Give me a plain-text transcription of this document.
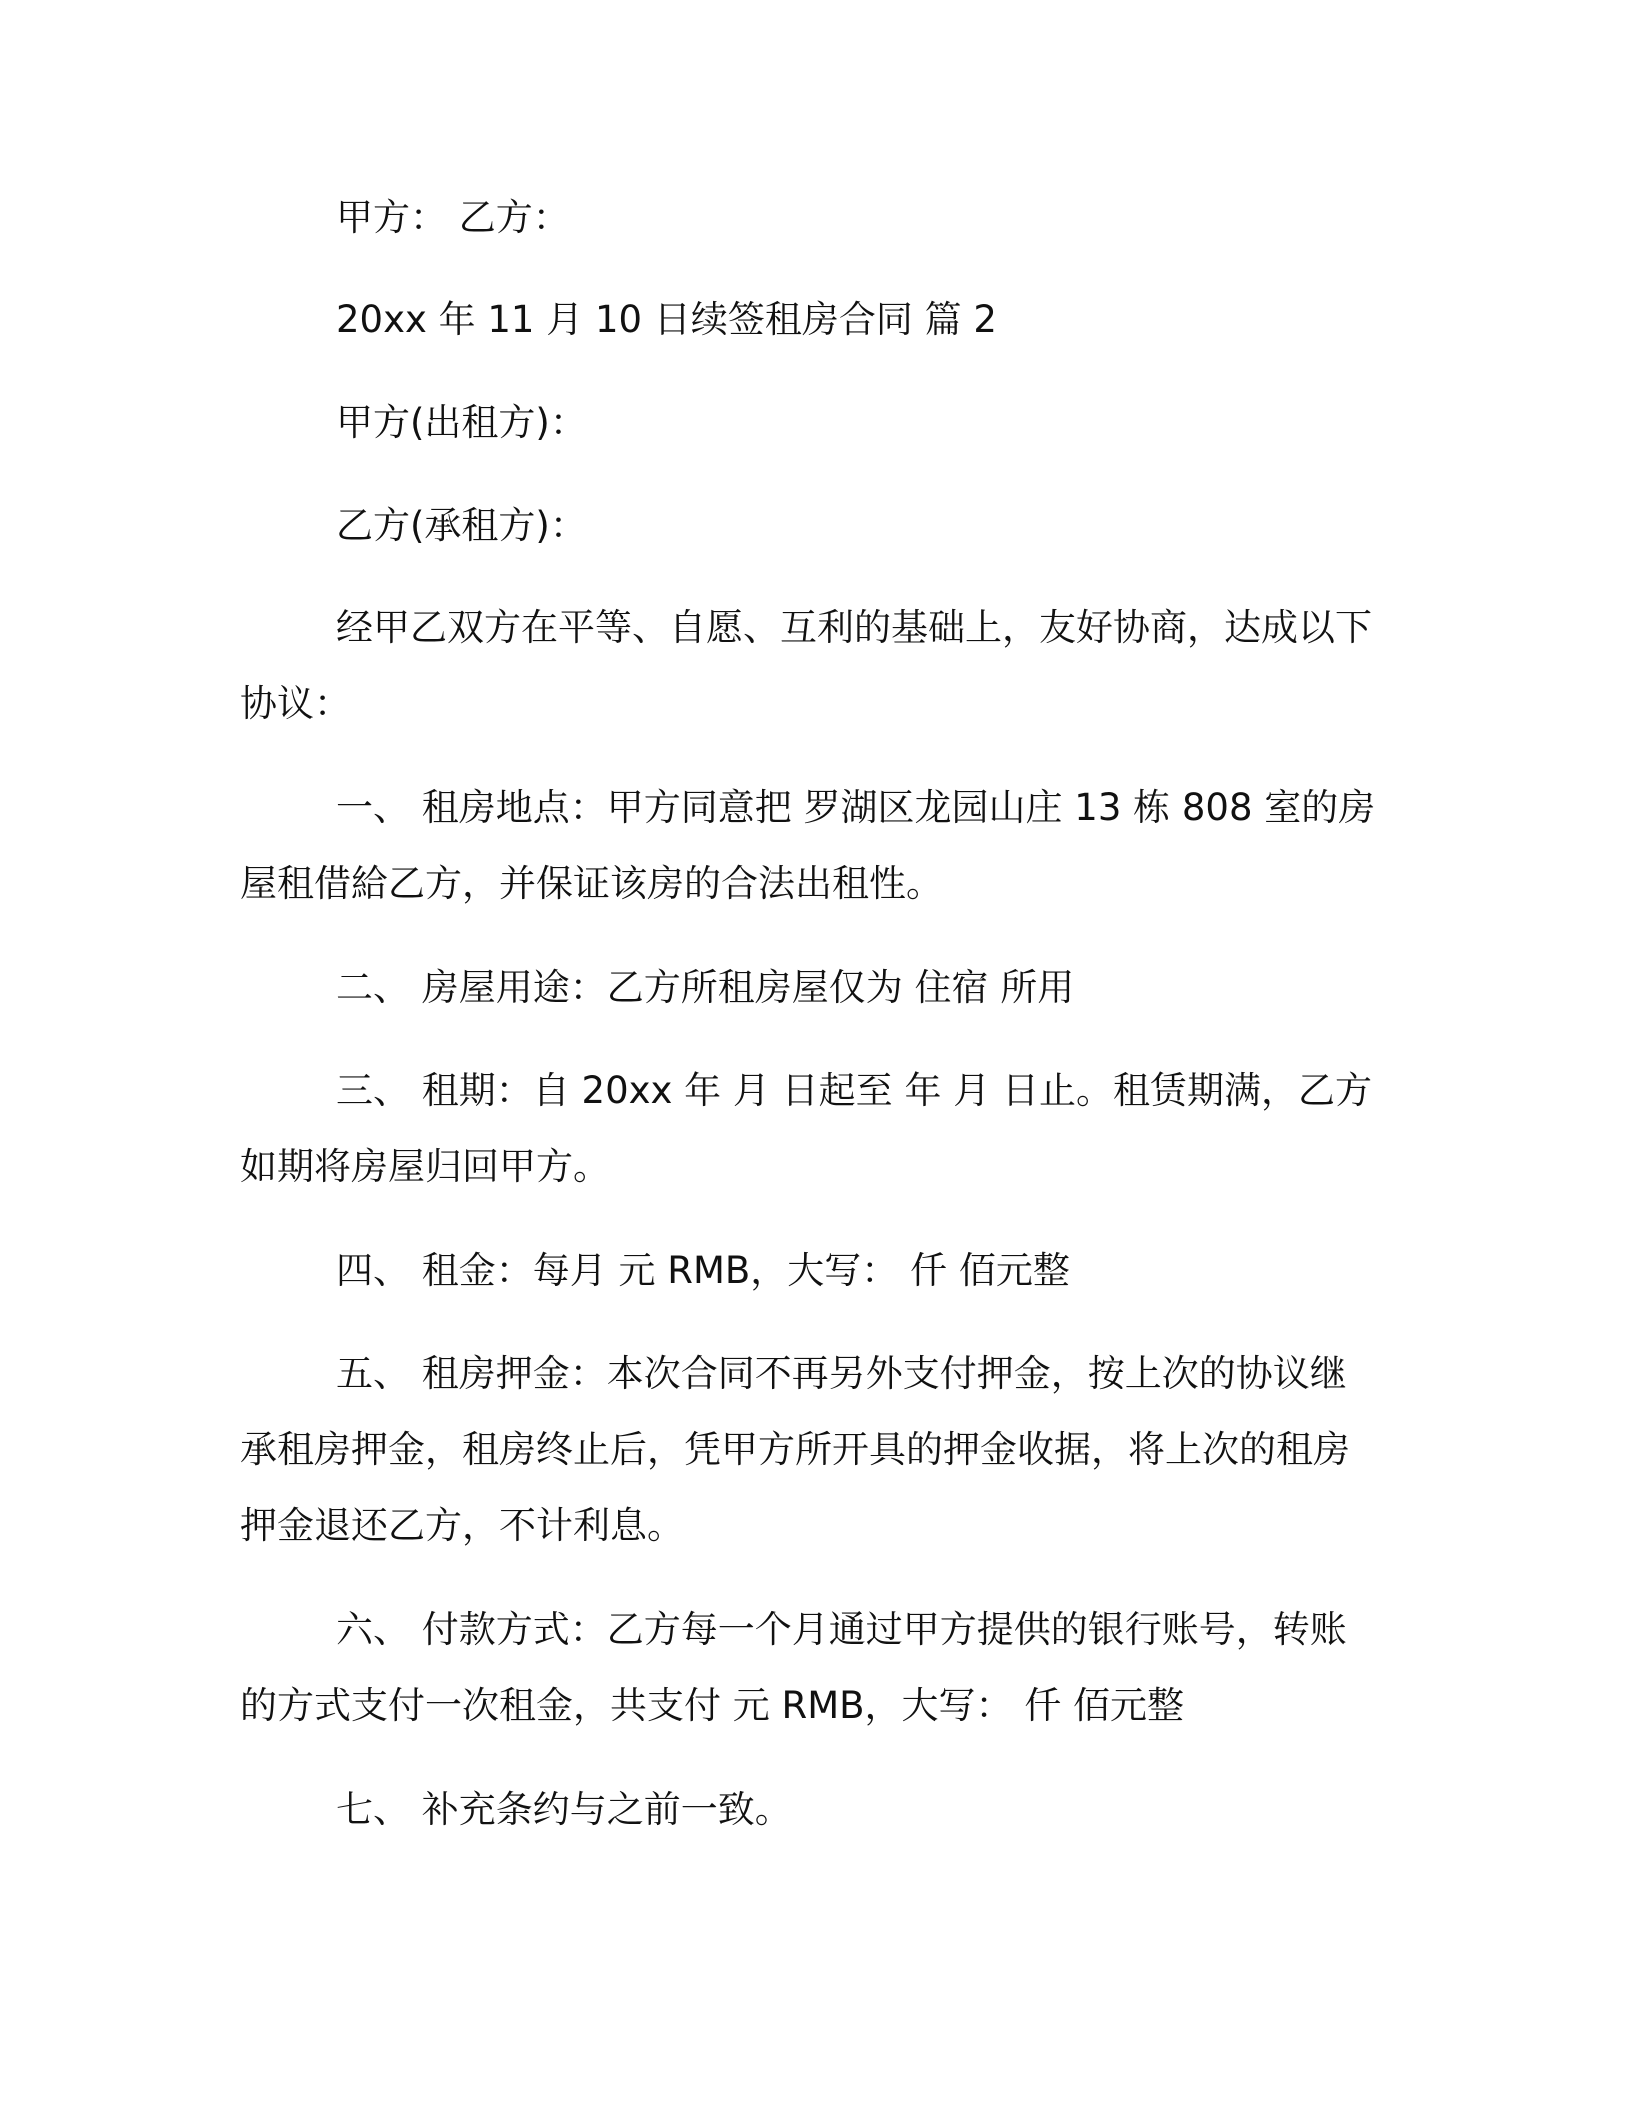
甲方： 乙方：

20xx 年 11 月 10 日续签租房合同 篇 2

甲方(出租方)：

乙方(承租方)：

经甲乙双方在平等、自愿、互利的基础上，友好协商，达成以下协议：

一、 租房地点：甲方同意把 罗湖区龙园山庄 13 栋 808 室的房屋租借給乙方，并保证该房的合法出租性。

二、 房屋用途：乙方所租房屋仅为 住宿 所用

三、 租期：自 20xx 年 月 日起至 年 月 日止。租赁期满，乙方如期将房屋归回甲方。

四、 租金：每月 元 RMB，大写： 仟 佰元整

五、 租房押金：本次合同不再另外支付押金，按上次的协议继承租房押金，租房终止后，凭甲方所开具的押金收据，将上次的租房押金退还乙方，不计利息。

六、 付款方式：乙方每一个月通过甲方提供的银行账号，转账的方式支付一次租金，共支付 元 RMB，大写： 仟 佰元整

七、 补充条约与之前一致。
